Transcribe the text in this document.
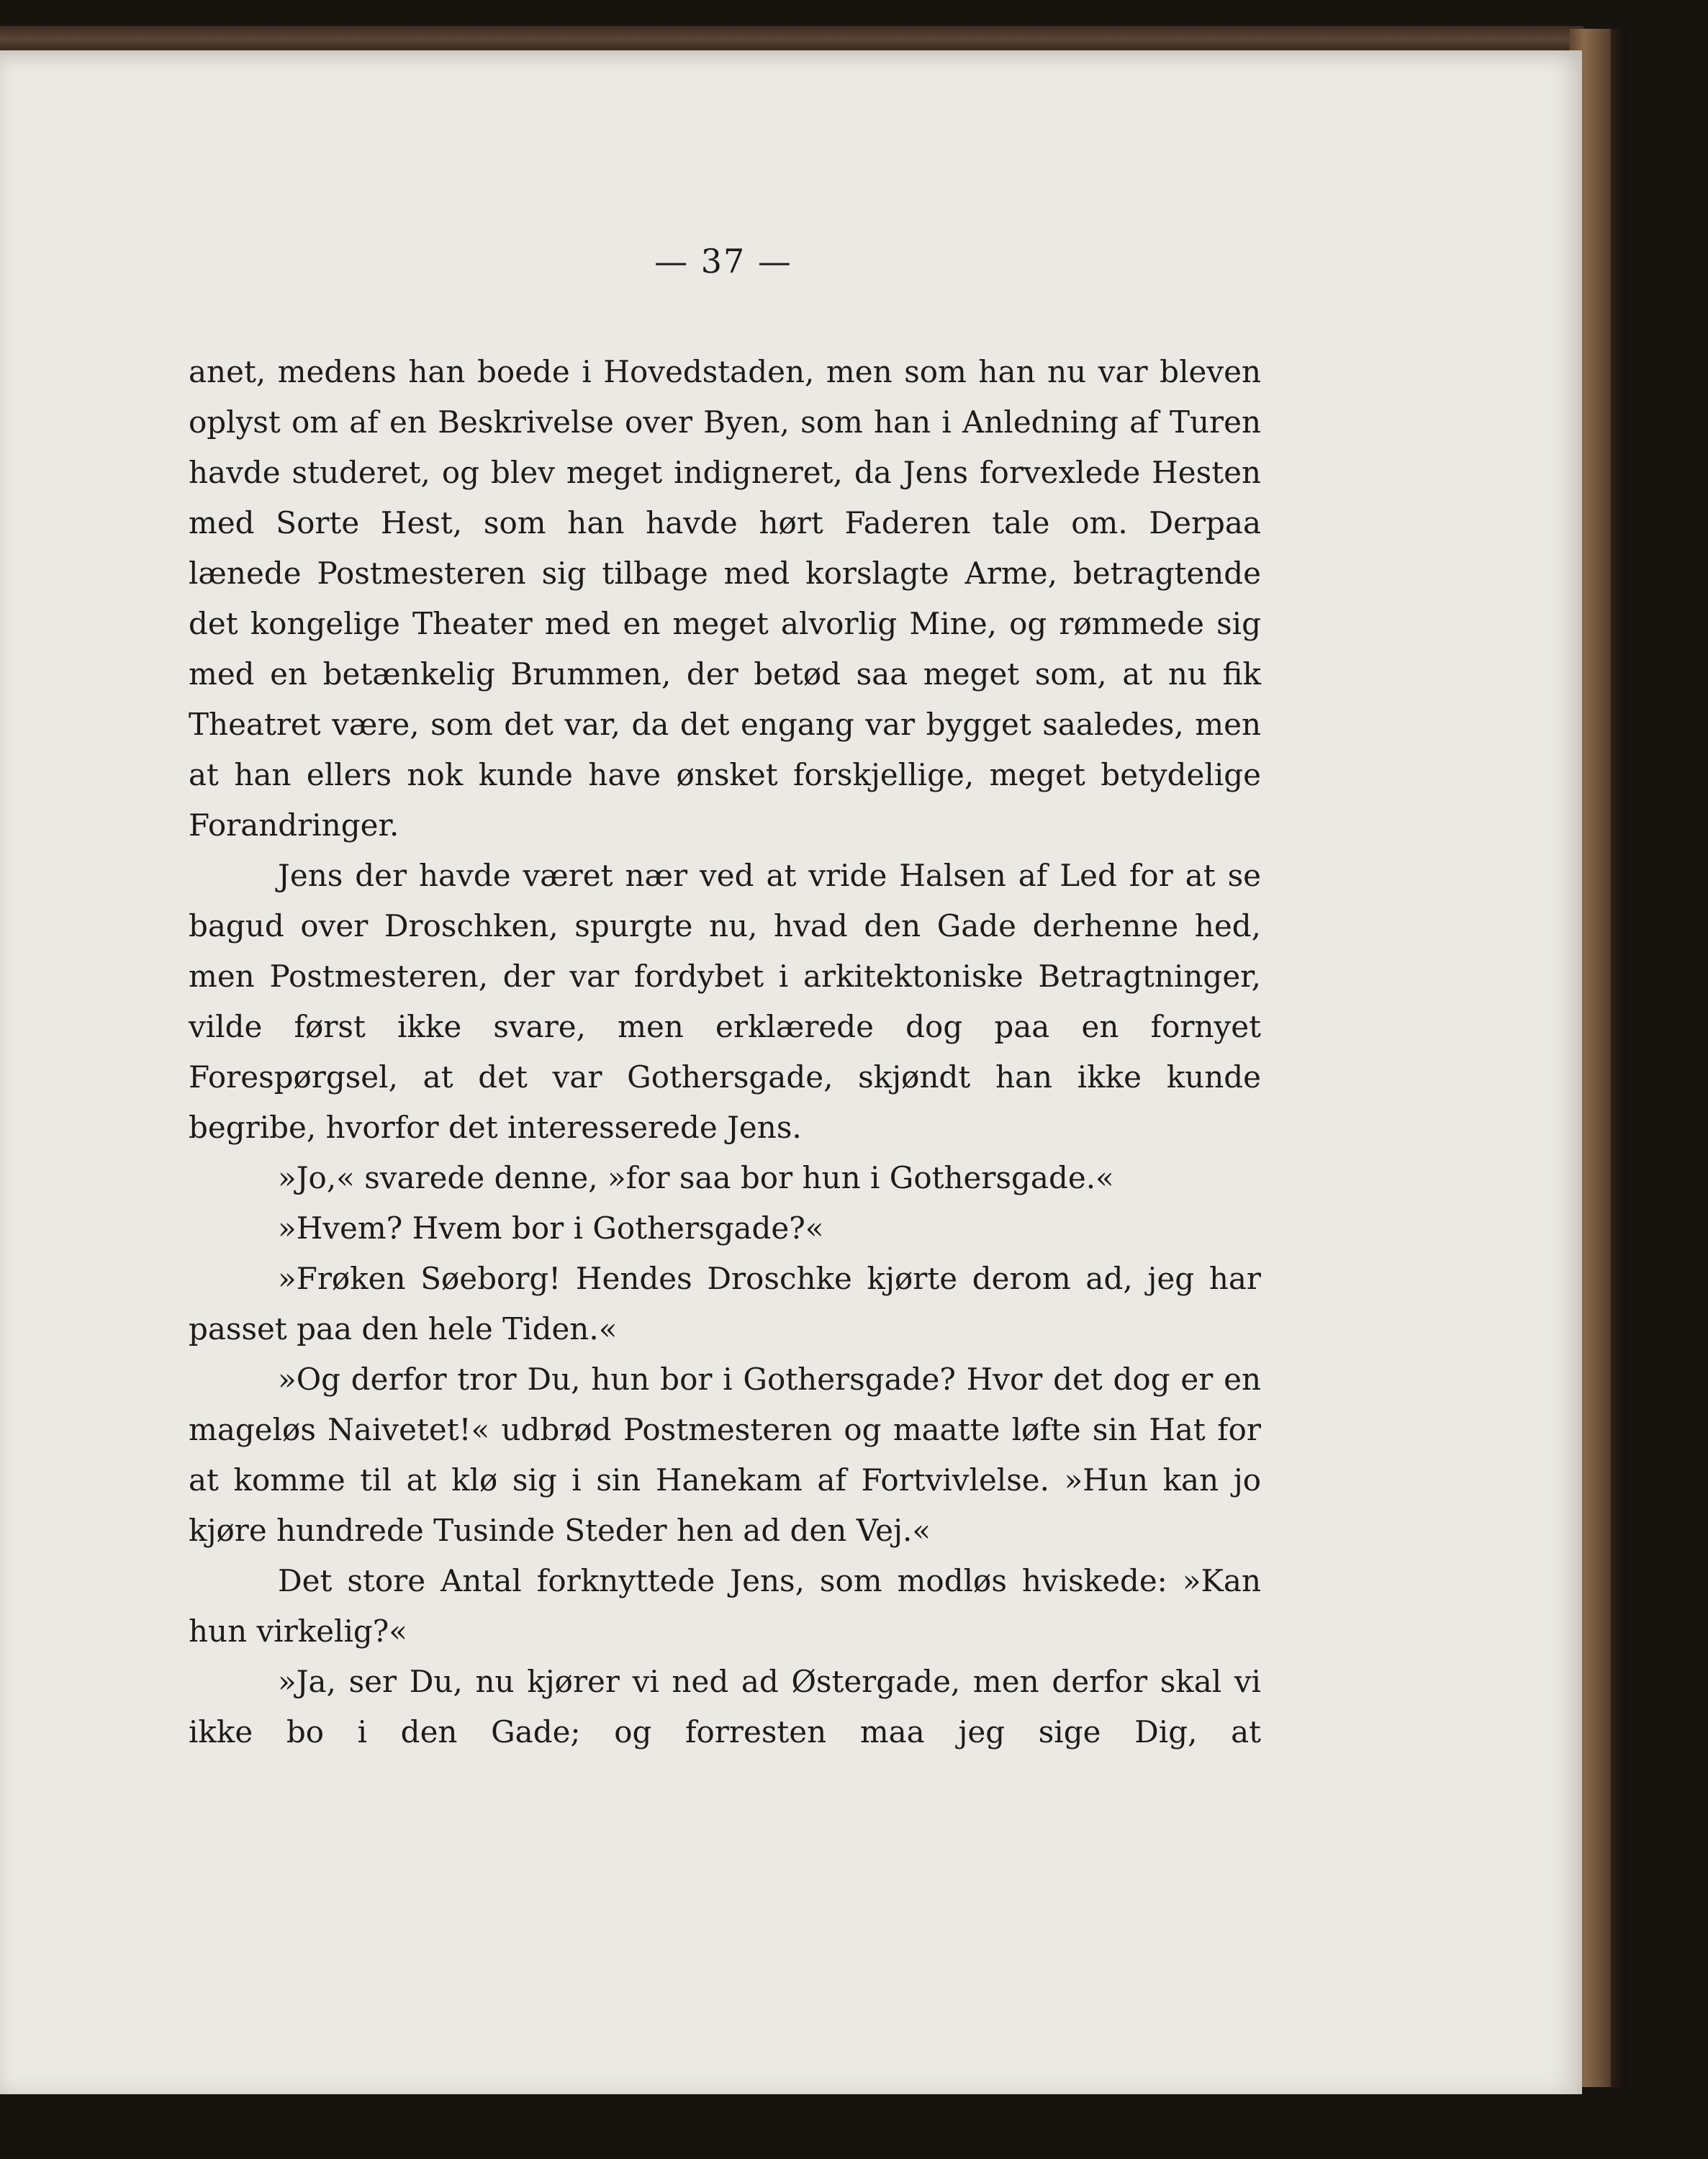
— 37 —

anet, medens han boede i Hovedstaden, men som han nu var bleven oplyst om af en Beskrivelse over Byen, som han i Anledning af Turen havde studeret, og blev meget indigneret, da Jens forvexlede Hesten med Sorte Hest, som han havde hørt Faderen tale om. Derpaa lænede Postmesteren sig tilbage med korslagte Arme, betragtende det kongelige Theater med en meget alvorlig Mine, og rømmede sig med en betænkelig Brummen, der betød saa meget som, at nu fik Theatret være, som det var, da det engang var bygget saaledes, men at han ellers nok kunde have ønsket forskjellige, meget betydelige Forandringer.

Jens der havde været nær ved at vride Halsen af Led for at se bagud over Droschken, spurgte nu, hvad den Gade derhenne hed, men Postmesteren, der var fordybet i arkitektoniske Betragtninger, vilde først ikke svare, men erklærede dog paa en fornyet Forespørgsel, at det var Gothersgade, skjøndt han ikke kunde begribe, hvorfor det interesserede Jens.

»Jo,« svarede denne, »for saa bor hun i Gothersgade.«

»Hvem? Hvem bor i Gothersgade?«

»Frøken Søeborg! Hendes Droschke kjørte derom ad, jeg har passet paa den hele Tiden.«

»Og derfor tror Du, hun bor i Gothersgade? Hvor det dog er en mageløs Naivetet!« udbrød Postmesteren og maatte løfte sin Hat for at komme til at klø sig i sin Hanekam af Fortvivlelse. »Hun kan jo kjøre hundrede Tusinde Steder hen ad den Vej.«

Det store Antal forknyttede Jens, som modløs hviskede: »Kan hun virkelig?«

»Ja, ser Du, nu kjører vi ned ad Østergade, men derfor skal vi ikke bo i den Gade; og forresten maa jeg sige Dig, at
